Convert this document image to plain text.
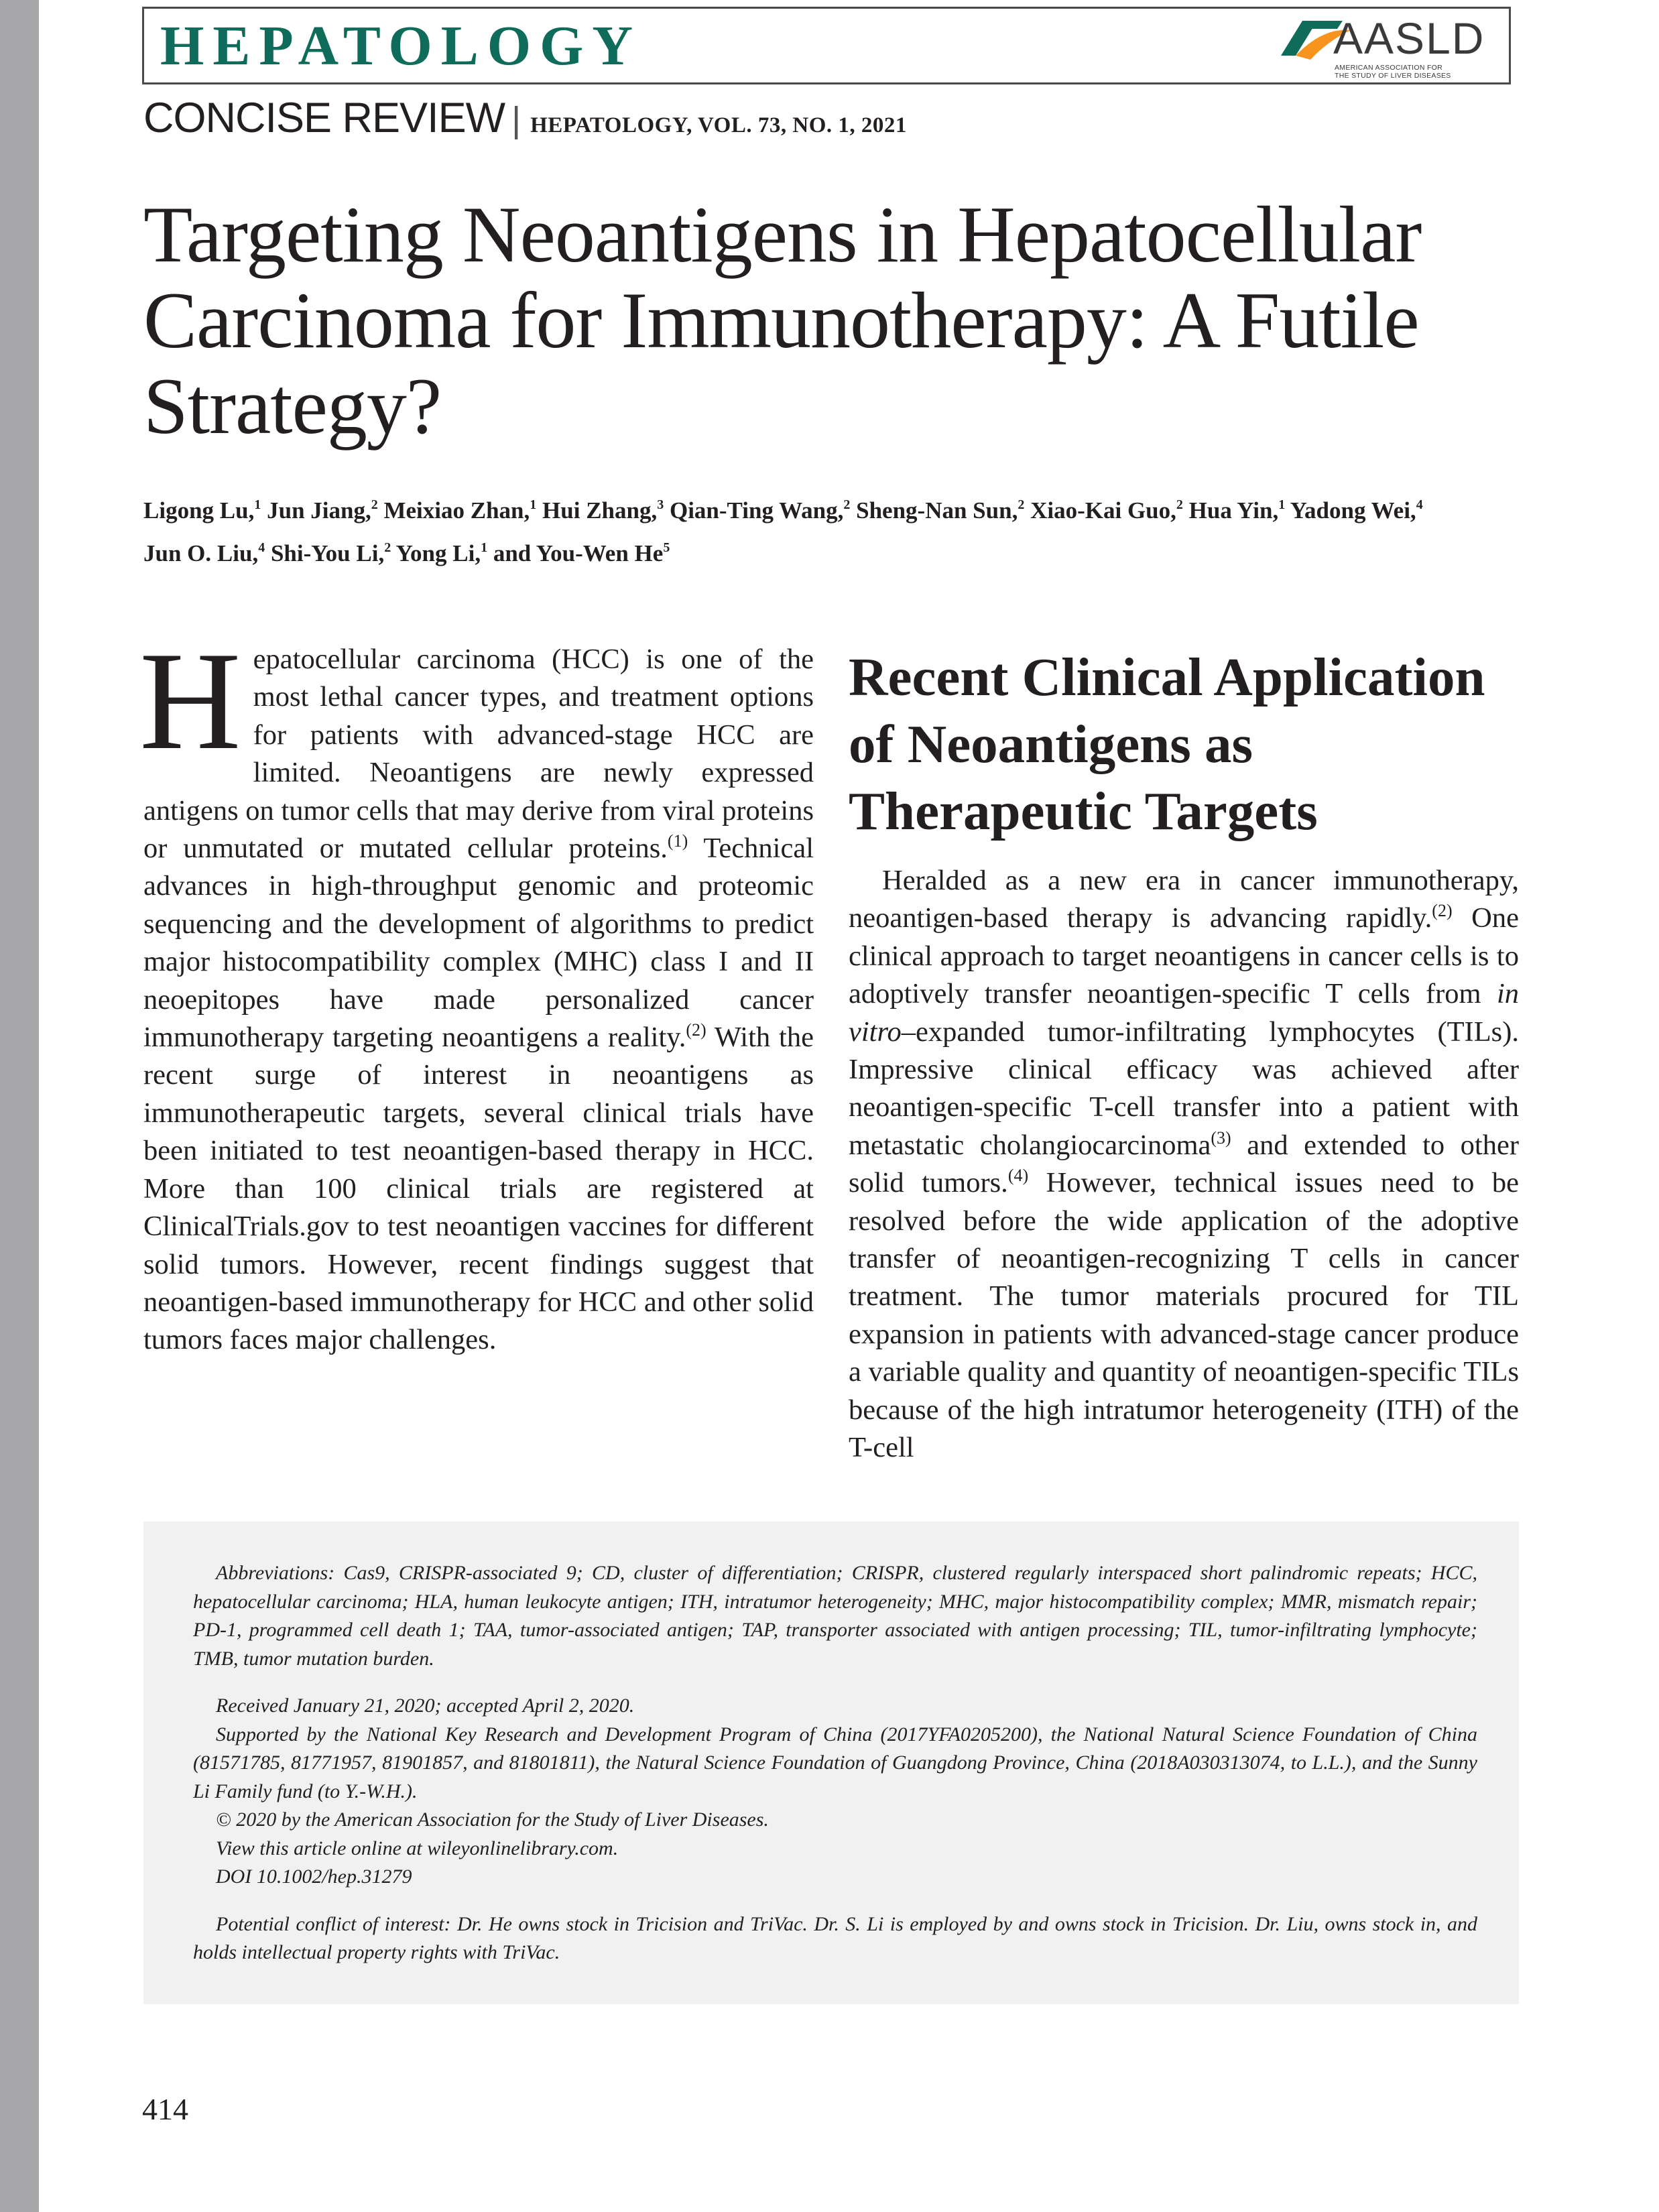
HEPATOLOGY	AASLD
AMERICAN ASSOCIATION FOR
THE STUDY OF LIVER DISEASES
CONCISE REVIEW | HEPATOLOGY, VOL. 73, NO. 1, 2021
Targeting Neoantigens in Hepatocellular
Carcinoma for Immunotherapy: A Futile
Strategy?
Ligong Lu,$^1$ Jun Jiang,$^2$ Meixiao Zhan,$^1$ Hui Zhang,$^3$ Qian-Ting Wang,$^2$ Sheng-Nan Sun,$^2$ Xiao-Kai Guo,$^2$ Hua Yin,$^1$ Yadong Wei,$^4$
Jun O. Liu,$^4$ Shi-You Li,$^2$ Yong Li,$^1$ and You-Wen He$^5$
Hepatocellular carcinoma (HCC) is one of the most lethal cancer types, and treatment options for patients with advanced-stage HCC are limited. Neoantigens are newly expressed antigens on tumor cells that may derive from viral proteins or unmutated or mutated cellular proteins.$^{(1)}$ Technical advances in high-throughput genomic and proteomic sequencing and the development of algorithms to predict major histocompatibility complex (MHC) class I and II neoepitopes have made personalized cancer immunotherapy targeting neoantigens a reality.$^{(2)}$ With the recent surge of interest in neoantigens as immunotherapeutic targets, several clinical trials have been initiated to test neoantigen-based therapy in HCC. More than 100 clinical trials are registered at ClinicalTrials.gov to test neoantigen vaccines for different solid tumors. However, recent findings suggest that neoantigen-based immunotherapy for HCC and other solid tumors faces major challenges.
Recent Clinical Application
of Neoantigens as
Therapeutic Targets

Heralded as a new era in cancer immunotherapy, neoantigen-based therapy is advancing rapidly.$^{(2)}$ One clinical approach to target neoantigens in cancer cells is to adoptively transfer neoantigen-specific T cells from in vitro–expanded tumor-infiltrating lymphocytes (TILs). Impressive clinical efficacy was achieved after neoantigen-specific T-cell transfer into a patient with metastatic cholangiocarcinoma$^{(3)}$ and extended to other solid tumors.$^{(4)}$ However, technical issues need to be resolved before the wide application of the adoptive transfer of neoantigen-recognizing T cells in cancer treatment. The tumor materials procured for TIL expansion in patients with advanced-stage cancer produce a variable quality and quantity of neoantigen-specific TILs because of the high intratumor heterogeneity (ITH) of the T-cell

Abbreviations: Cas9, CRISPR-associated 9; CD, cluster of differentiation; CRISPR, clustered regularly interspaced short palindromic repeats; HCC, hepatocellular carcinoma; HLA, human leukocyte antigen; ITH, intratumor heterogeneity; MHC, major histocompatibility complex; MMR, mismatch repair; PD-1, programmed cell death 1; TAA, tumor-associated antigen; TAP, transporter associated with antigen processing; TIL, tumor-infiltrating lymphocyte; TMB, tumor mutation burden.

Received January 21, 2020; accepted April 2, 2020.

Supported by the National Key Research and Development Program of China (2017YFA0205200), the National Natural Science Foundation of China (81571785, 81771957, 81901857, and 81801811), the Natural Science Foundation of Guangdong Province, China (2018A030313074, to L.L.), and the Sunny Li Family fund (to Y.-W.H.).

© 2020 by the American Association for the Study of Liver Diseases.

View this article online at wileyonlinelibrary.com.

DOI 10.1002/hep.31279

Potential conflict of interest: Dr. He owns stock in Tricision and TriVac. Dr. S. Li is employed by and owns stock in Tricision. Dr. Liu, owns stock in, and holds intellectual property rights with TriVac.

414
